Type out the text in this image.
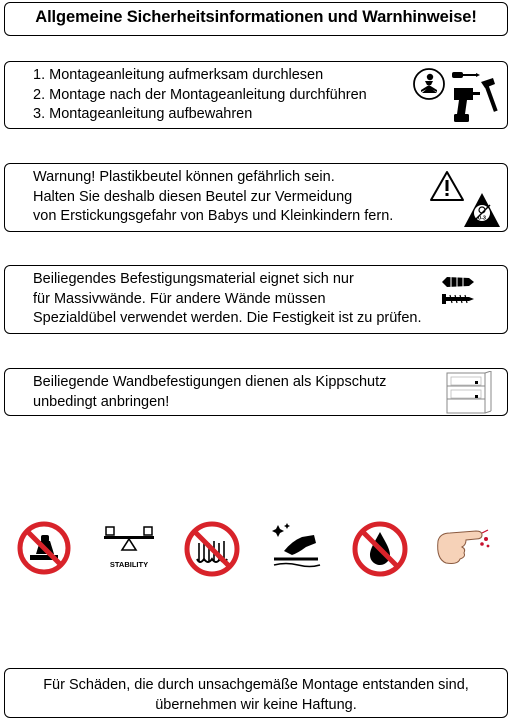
Allgemeine Sicherheitsinformationen und Warnhinweise!
1. Montageanleitung aufmerksam durchlesen
2. Montage nach der Montageanleitung durchführen
3. Montageanleitung aufbewahren
Warnung! Plastikbeutel können gefährlich sein.
Halten Sie deshalb diesen Beutel zur Vermeidung
von Erstickungsgefahr von Babys und Kleinkindern fern.	0-3
Beiliegendes Befestigungsmaterial eignet sich nur
für Massivwände. Für andere Wände müssen
Spezialdübel verwendet werden. Die Festigkeit ist zu prüfen.
Beiliegende Wandbefestigungen dienen als Kippschutz
unbedingt anbringen!
STABILITY
Für Schäden, die durch unsachgemäße Montage entstanden sind,
übernehmen wir keine Haftung.
